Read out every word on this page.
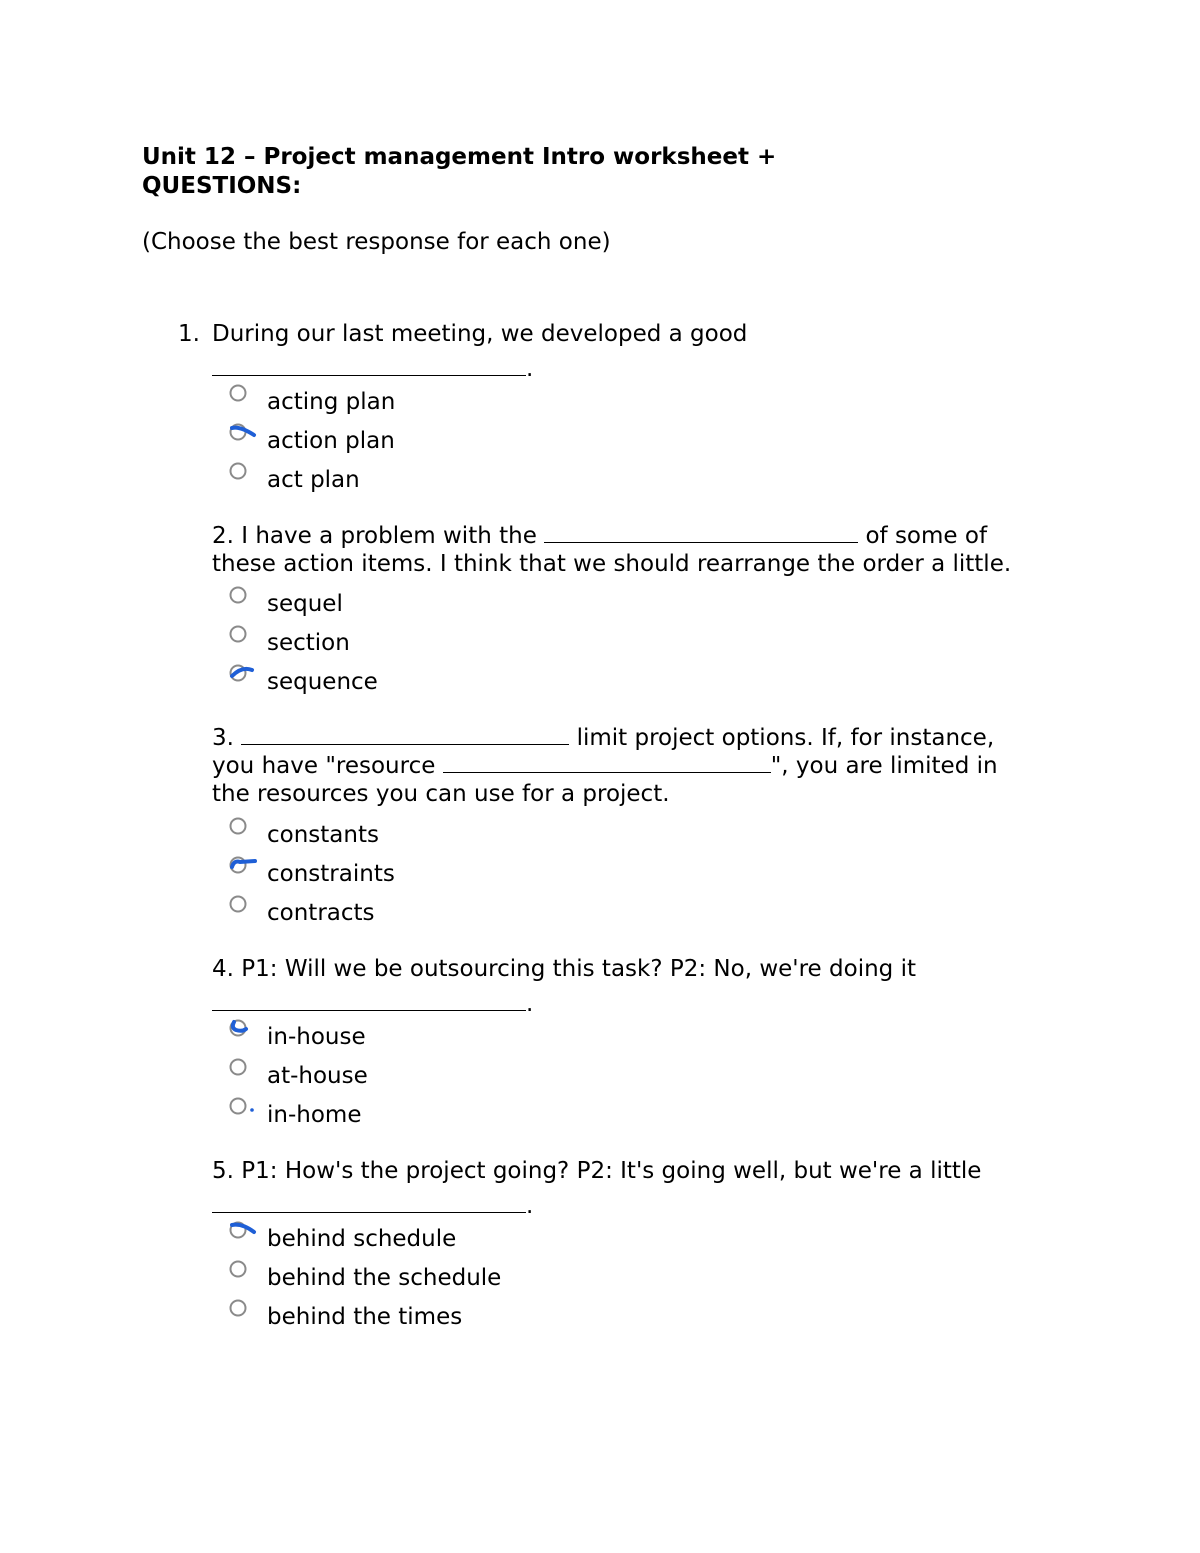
Unit 12 – Project management Intro worksheet +
QUESTIONS:
(Choose the best response for each one)
1. During our last meeting, we developed a good
.
acting plan
action plan
act plan
2. I have a problem with the	of some of
these action items. I think that we should rearrange the order a little.
sequel
section
sequence
3.	limit project options. If, for instance,
you have "resource	", you are limited in
the resources you can use for a project.
constants
constraints
contracts
4. P1: Will we be outsourcing this task? P2: No, we're doing it
.
in-house
at-house
in-home
5. P1: How's the project going? P2: It's going well, but we're a little
.
behind schedule
behind the schedule
behind the times
